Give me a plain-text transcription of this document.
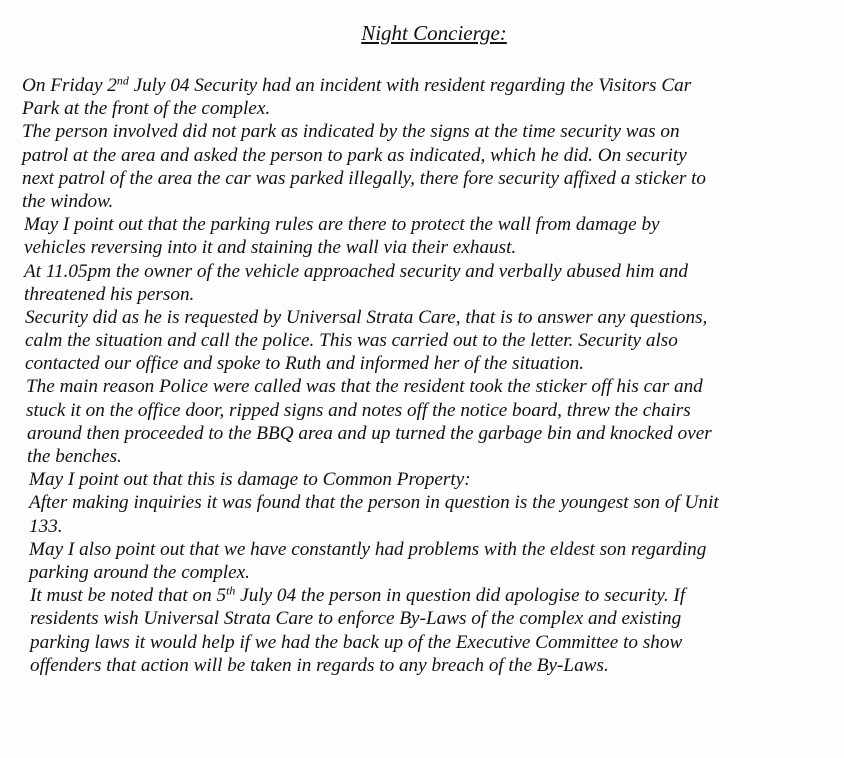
Night Concierge:
On Friday 2nd July 04 Security had an incident with resident regarding the Visitors Car
Park at the front of the complex.
The person involved did not park as indicated by the signs at the time security was on
patrol at the area and asked the person to park as indicated, which he did. On security
next patrol of the area the car was parked illegally, there fore security affixed a sticker to
the window.
May I point out that the parking rules are there to protect the wall from damage by
vehicles reversing into it and staining the wall via their exhaust.
At 11.05pm the owner of the vehicle approached security and verbally abused him and
threatened his person.
Security did as he is requested by Universal Strata Care, that is to answer any questions,
calm the situation and call the police. This was carried out to the letter. Security also
contacted our office and spoke to Ruth and informed her of the situation.
The main reason Police were called was that the resident took the sticker off his car and
stuck it on the office door, ripped signs and notes off the notice board, threw the chairs
around then proceeded to the BBQ area and up turned the garbage bin and knocked over
the benches.
May I point out that this is damage to Common Property:
After making inquiries it was found that the person in question is the youngest son of Unit
133.
May I also point out that we have constantly had problems with the eldest son regarding
parking around the complex.
It must be noted that on 5th July 04 the person in question did apologise to security. If
residents wish Universal Strata Care to enforce By-Laws of the complex and existing
parking laws it would help if we had the back up of the Executive Committee to show
offenders that action will be taken in regards to any breach of the By-Laws.
